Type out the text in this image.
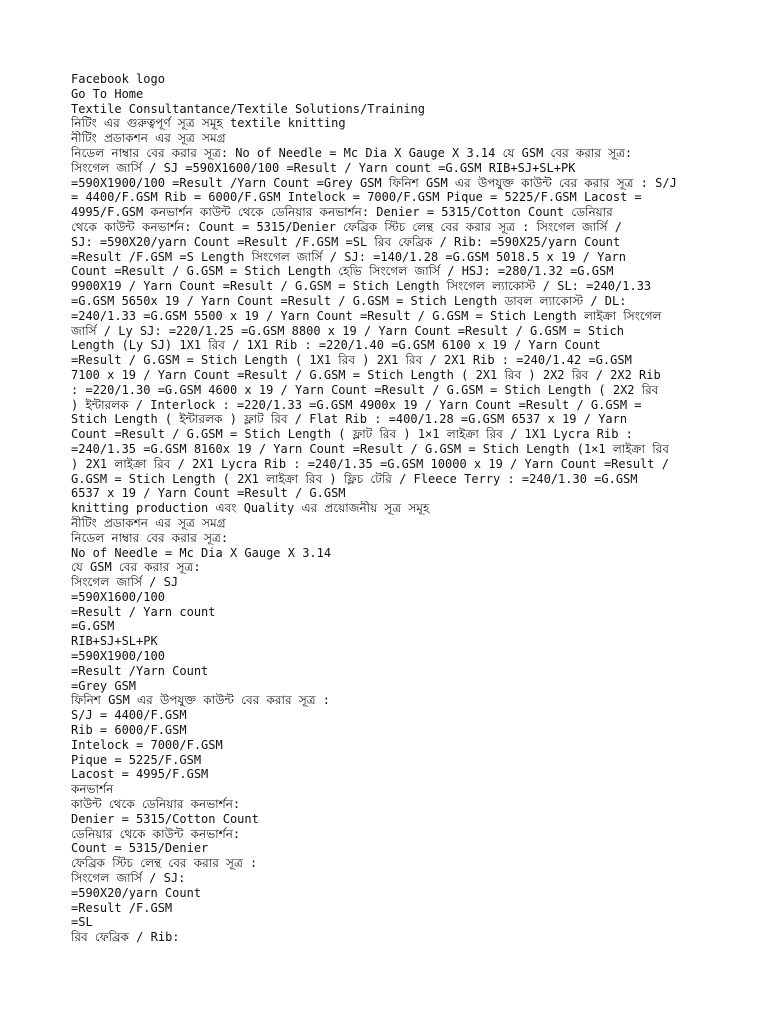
Facebook logo
Go To Home
Textile Consultantance/Textile Solutions/Training
নিটিং এর গুরুত্বপূর্ণ সূত্র সমূহ textile knitting
নীটিং প্রডাকশন এর সূত্র সমগ্র
নিডেল নাম্বার বের করার সূত্র: No of Needle = Mc Dia X Gauge X 3.14 যে GSM বের করার সূত্র:
সিংগেল জার্সি / SJ =590X1600/100 =Result / Yarn count =G.GSM RIB+SJ+SL+PK
=590X1900/100 =Result /Yarn Count =Grey GSM ফিনিশ GSM এর উপযুক্ত কাউন্ট বের করার সূত্র : S/J
= 4400/F.GSM Rib = 6000/F.GSM Intelock = 7000/F.GSM Pique = 5225/F.GSM Lacost =
4995/F.GSM কনভার্শন কাউন্ট থেকে ডেনিয়ার কনভার্শন: Denier = 5315/Cotton Count ডেনিয়ার
থেকে কাউন্ট কনভার্শন: Count = 5315/Denier ফেব্রিক স্টিচ লেন্থ বের করার সূত্র : সিংগেল জার্সি /
SJ: =590X20/yarn Count =Result /F.GSM =SL রিব ফেব্রিক / Rib: =590X25/yarn Count
=Result /F.GSM =S Length সিংগেল জার্সি / SJ: =140/1.28 =G.GSM 5018.5 x 19 / Yarn
Count =Result / G.GSM = Stich Length হেভি সিংগেল জার্সি / HSJ: =280/1.32 =G.GSM
9900X19 / Yarn Count =Result / G.GSM = Stich Length সিংগেল ল্যাকোস্ট / SL: =240/1.33
=G.GSM 5650x 19 / Yarn Count =Result / G.GSM = Stich Length ডাবল ল্যাকোস্ট / DL:
=240/1.33 =G.GSM 5500 x 19 / Yarn Count =Result / G.GSM = Stich Length লাইক্রা সিংগেল
জার্সি / Ly SJ: =220/1.25 =G.GSM 8800 x 19 / Yarn Count =Result / G.GSM = Stich
Length (Ly SJ) 1X1 রিব / 1X1 Rib : =220/1.40 =G.GSM 6100 x 19 / Yarn Count
=Result / G.GSM = Stich Length ( 1X1 রিব ) 2X1 রিব / 2X1 Rib : =240/1.42 =G.GSM
7100 x 19 / Yarn Count =Result / G.GSM = Stich Length ( 2X1 রিব ) 2X2 রিব / 2X2 Rib
: =220/1.30 =G.GSM 4600 x 19 / Yarn Count =Result / G.GSM = Stich Length ( 2X2 রিব
) ইন্টারলক / Interlock : =220/1.33 =G.GSM 4900x 19 / Yarn Count =Result / G.GSM =
Stich Length ( ইন্টারলক ) ফ্লাট রিব / Flat Rib : =400/1.28 =G.GSM 6537 x 19 / Yarn
Count =Result / G.GSM = Stich Length ( ফ্লাট রিব ) 1×1 লাইক্রা রিব / 1X1 Lycra Rib :
=240/1.35 =G.GSM 8160x 19 / Yarn Count =Result / G.GSM = Stich Length (1×1 লাইক্রা রিব
) 2X1 লাইক্রা রিব / 2X1 Lycra Rib : =240/1.35 =G.GSM 10000 x 19 / Yarn Count =Result /
G.GSM = Stich Length ( 2X1 লাইক্রা রিব ) ফ্লিচ টেরি / Fleece Terry : =240/1.30 =G.GSM
6537 x 19 / Yarn Count =Result / G.GSM
knitting production এবং Quality এর প্রয়োজনীয় সূত্র সমূহ
নীটিং প্রডাকশন এর সূত্র সমগ্র
নিডেল নাম্বার বের করার সূত্র:
No of Needle = Mc Dia X Gauge X 3.14
যে GSM বের করার সূত্র:
সিংগেল জার্সি / SJ
=590X1600/100
=Result / Yarn count
=G.GSM
RIB+SJ+SL+PK
=590X1900/100
=Result /Yarn Count
=Grey GSM
ফিনিশ GSM এর উপযুক্ত কাউন্ট বের করার সূত্র :
S/J = 4400/F.GSM
Rib = 6000/F.GSM
Intelock = 7000/F.GSM
Pique = 5225/F.GSM
Lacost = 4995/F.GSM
কনভার্শন
কাউন্ট থেকে ডেনিয়ার কনভার্শন:
Denier = 5315/Cotton Count
ডেনিয়ার থেকে কাউন্ট কনভার্শন:
Count = 5315/Denier
ফেব্রিক স্টিচ লেন্থ বের করার সূত্র :
সিংগেল জার্সি / SJ:
=590X20/yarn Count
=Result /F.GSM
=SL
রিব ফেব্রিক / Rib:
